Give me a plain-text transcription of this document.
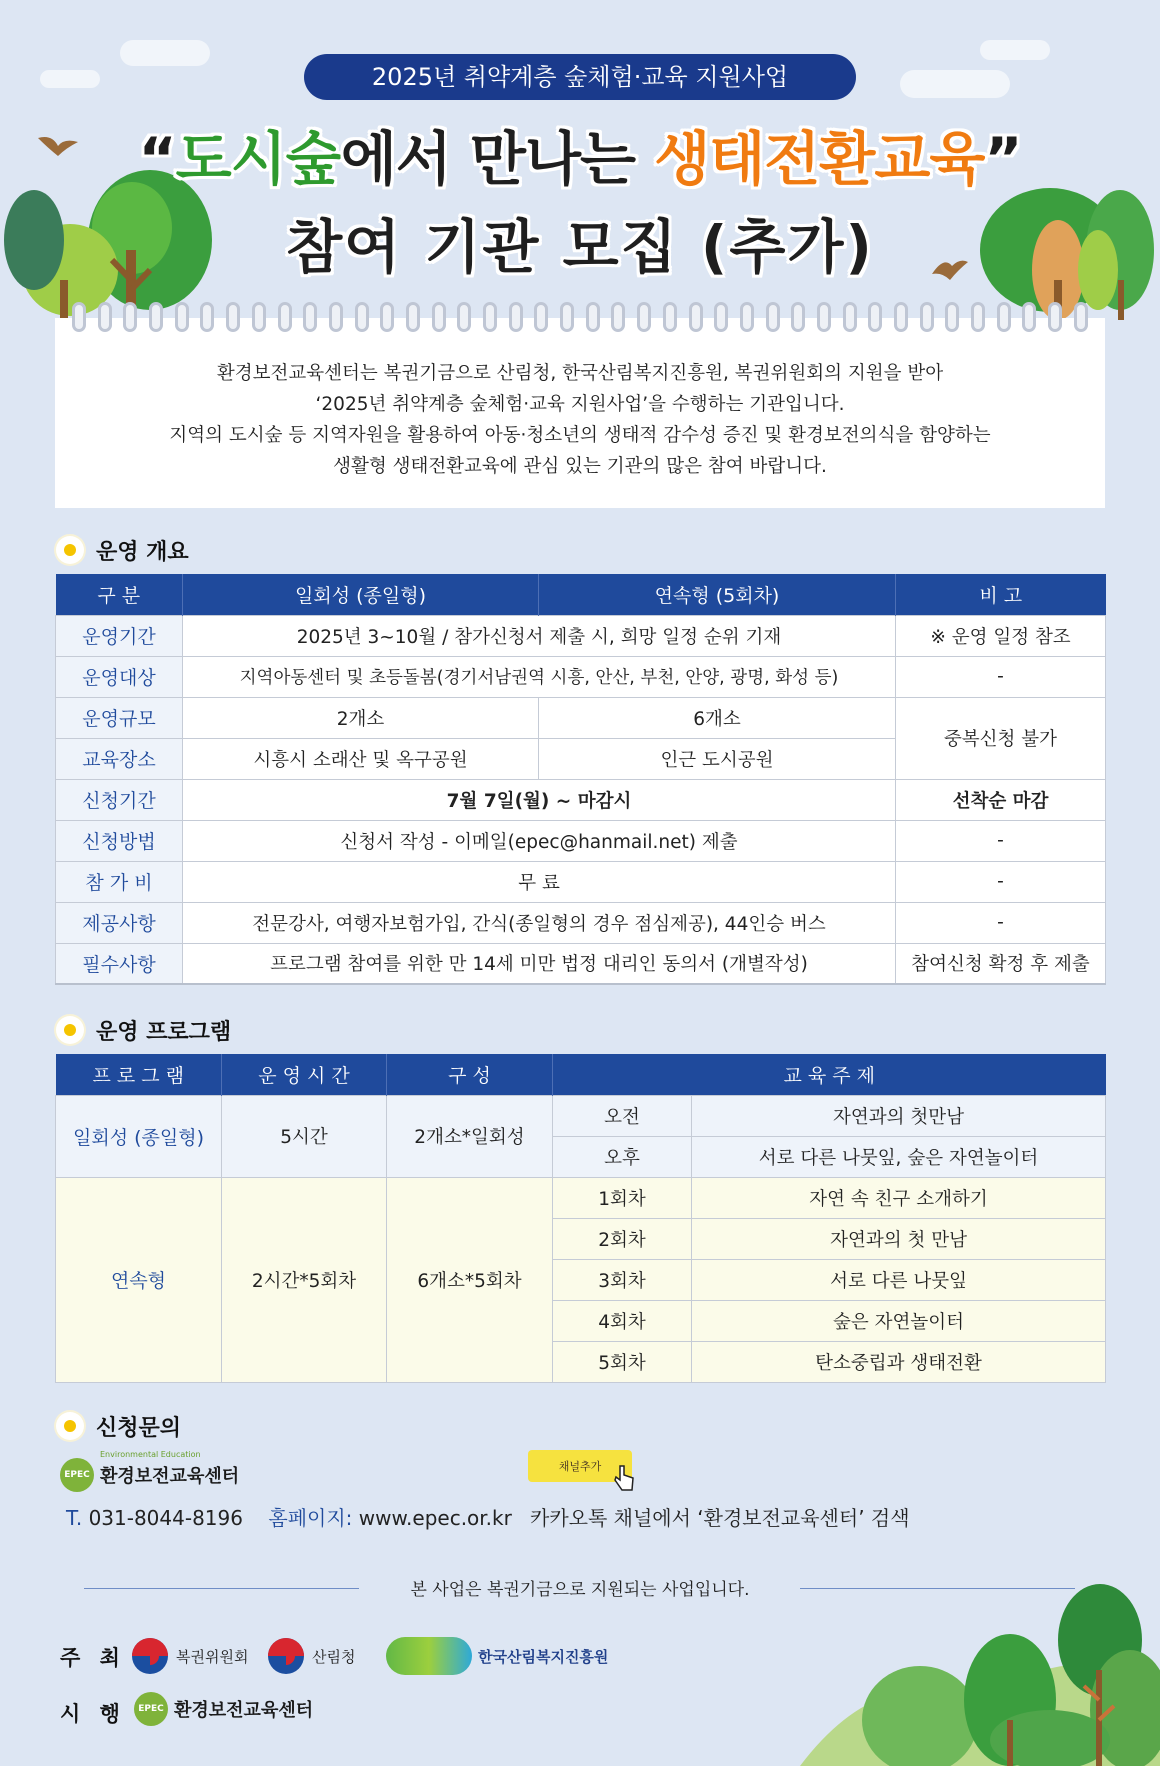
2025년 취약계층 숲체험·교육 지원사업
“도시숲에서 만나는 생태전환교육”
참여 기관 모집 (추가)
환경보전교육센터는 복권기금으로 산림청, 한국산림복지진흥원, 복권위원회의 지원을 받아
‘2025년 취약계층 숲체험·교육 지원사업’을 수행하는 기관입니다.
지역의 도시숲 등 지역자원을 활용하여 아동·청소년의 생태적 감수성 증진 및 환경보전의식을 함양하는
생활형 생태전환교육에 관심 있는 기관의 많은 참여 바랍니다.
운영 개요
구 분	일회성 (종일형)	연속형 (5회차)	비 고
운영기간	2025년 3~10월 / 참가신청서 제출 시, 희망 일정 순위 기재		※ 운영 일정 참조
운영대상	지역아동센터 및 초등돌봄(경기서남권역 시흥, 안산, 부천, 안양, 광명, 화성 등)		-
운영규모	2개소	6개소	중복신청 불가
교육장소	시흥시 소래산 및 옥구공원	인근 도시공원	
신청기간	7월 7일(월) ~ 마감시		선착순 마감
신청방법	신청서 작성 - 이메일(epec@hanmail.net) 제출		-
참 가 비	무 료		-
제공사항	전문강사, 여행자보험가입, 간식(종일형의 경우 점심제공), 44인승 버스		-
필수사항	프로그램 참여를 위한 만 14세 미만 법정 대리인 동의서 (개별작성)		참여신청 확정 후 제출
운영 프로그램
프 로 그 램	운 영 시 간	구 성	교 육 주 제	
일회성 (종일형)	5시간	2개소*일회성	오전	자연과의 첫만남
			오후	서로 다른 나뭇잎, 숲은 자연놀이터
연속형	2시간*5회차	6개소*5회차	1회차	자연 속 친구 소개하기
			2회차	자연과의 첫 만남
			3회차	서로 다른 나뭇잎
			4회차	숲은 자연놀이터
			5회차	탄소중립과 생태전환
신청문의
EPEC
Environmental Education
환경보전교육센터
T. 031-8044-8196 홈페이지: www.epec.or.kr
채널추가
카카오톡 채널에서 ‘환경보전교육센터’ 검색
본 사업은 복권기금으로 지원되는 사업입니다.
주 최	복권위원회	산림청	한국산림복지진흥원
시 행	EPEC 환경보전교육센터
